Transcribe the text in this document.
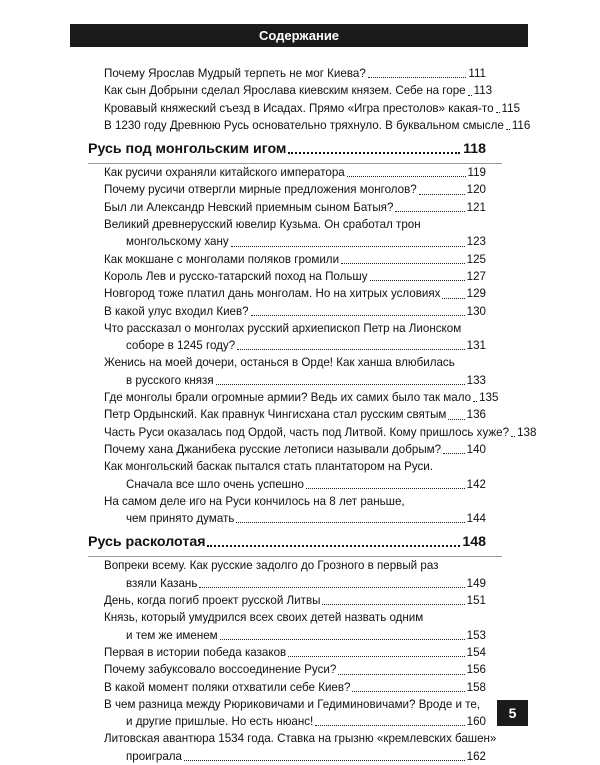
Содержание
Почему Ярослав Мудрый терпеть не мог Киева?	111
Как сын Добрыни сделал Ярослава киевским князем. Себе на горе 113
Кровавый княжеский съезд в Исадах. Прямо «Игра престолов» какая-то 115
В 1230 году Древнюю Русь основательно тряхнуло. В буквальном смысле 116
Русь под монгольским игом	118
Как русичи охраняли китайского императора	119
Почему русичи отвергли мирные предложения монголов?	120
Был ли Александр Невский приемным сыном Батыя?	121
Великий древнерусский ювелир Кузьма. Он сработал трон
монгольскому хану	123
Как мокшане с монголами поляков громили	125
Король Лев и русско-татарский поход на Польшу	127
Новгород тоже платил дань монголам. Но на хитрых условиях 129
В какой улус входил Киев?	130
Что рассказал о монголах русский архиепископ Петр на Лионском
соборе в 1245 году?	131
Женись на моей дочери, останься в Орде! Как ханша влюбилась
в русского князя	133
Где монголы брали огромные армии? Ведь их самих было так мало 135
Петр Ордынский. Как правнук Чингисхана стал русским святым 136
Часть Руси оказалась под Ордой, часть под Литвой. Кому пришлось хуже? 138
Почему хана Джанибека русские летописи называли добрым? 140
Как монгольский баскак пытался стать плантатором на Руси.
Сначала все шло очень успешно	142
На самом деле иго на Руси кончилось на 8 лет раньше,
чем принято думать	144
Русь расколотая	148
Вопреки всему. Как русские задолго до Грозного в первый раз
взяли Казань	149
День, когда погиб проект русской Литвы	151
Князь, который умудрился всех своих детей назвать одним
и тем же именем	153
Первая в истории победа казаков	154
Почему забуксовало воссоединение Руси?	156
В какой момент поляки отхватили себе Киев?	158
В чем разница между Рюриковичами и Гедиминовичами? Вроде и те,
и другие пришлые. Но есть нюанс!	160
Литовская авантюра 1534 года. Ставка на грызню «кремлевских башен»
проиграла	162
5
